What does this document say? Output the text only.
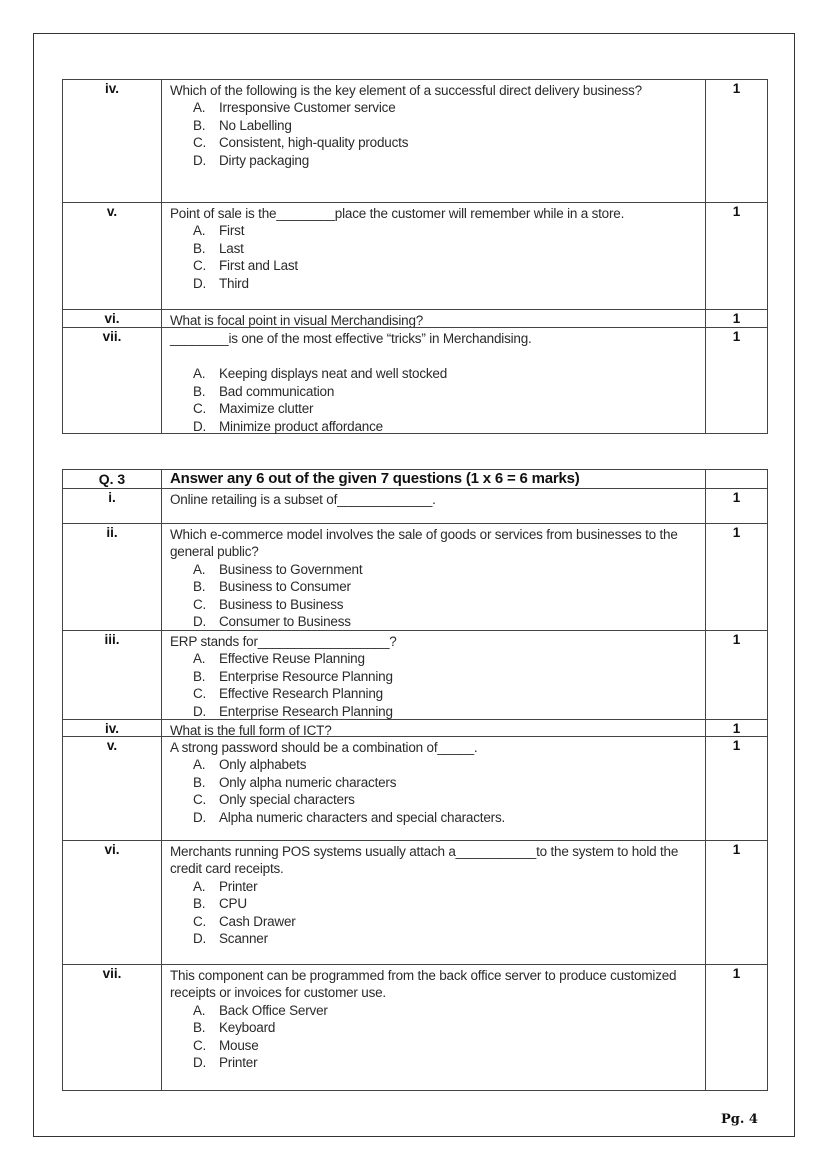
iv.	Which of the following is the key element of a successful direct delivery business?
A.	Irresponsive Customer service
B.	No Labelling
C. Consistent, high-quality products
D. Dirty packaging
1
v.	Point of sale is the________place the customer will remember while in a store.
A.	First
B.	Last
C. First and Last
D. Third
1
vi.	What is focal point in visual Merchandising?	1
vii.	________is one of the most effective “tricks” in Merchandising.
A.	Keeping displays neat and well stocked
B.	Bad communication
C. Maximize clutter
D. Minimize product affordance
1
Q. 3	Answer any 6 out of the given 7 questions (1 x 6 = 6 marks)
i.	Online retailing is a subset of_____________.	1
ii.	Which e-commerce model involves the sale of goods or services from businesses to the general public?
A.	Business to Government
B.	Business to Consumer
C. Business to Business
D. Consumer to Business
1
iii.	ERP stands for__________________?
A.	Effective Reuse Planning
B.	Enterprise Resource Planning
C. Effective Research Planning
D. Enterprise Research Planning
1
iv.	What is the full form of ICT?	1
v.	A strong password should be a combination of_____.
A.	Only alphabets
B.	Only alpha numeric characters
C. Only special characters
D. Alpha numeric characters and special characters.
1
vi.	Merchants running POS systems usually attach a___________to the system to hold the credit card receipts.
A.	Printer
B.	CPU
C. Cash Drawer
D. Scanner
1
vii.	This component can be programmed from the back office server to produce customized receipts or invoices for customer use.
A.	Back Office Server
B.	Keyboard
C. Mouse
D. Printer
1
Pg. 4
